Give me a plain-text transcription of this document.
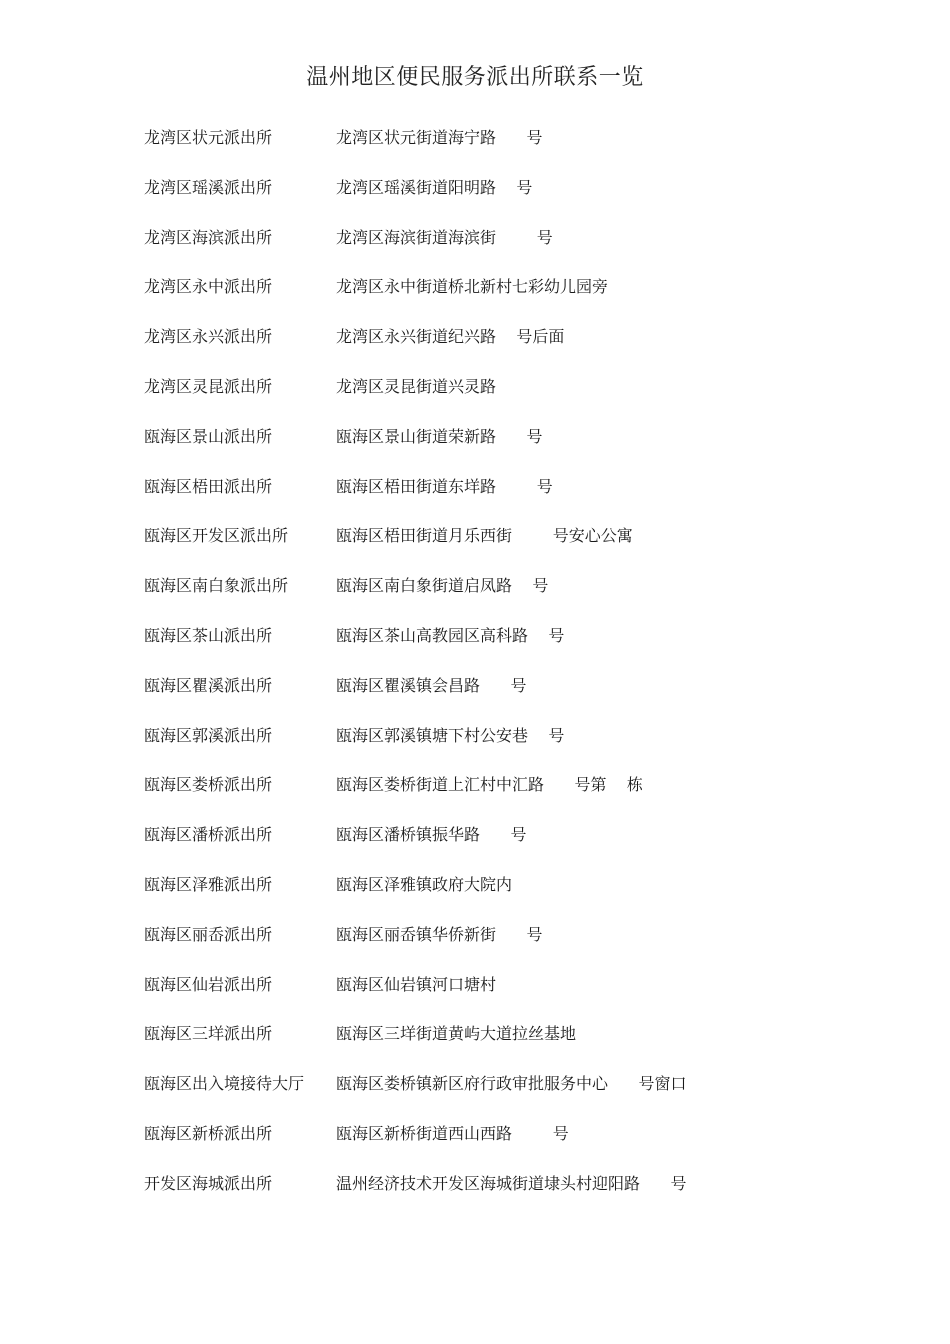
温州地区便民服务派出所联系一览
龙湾区状元派出所	龙湾区状元街道海宁路      号
龙湾区瑶溪派出所	龙湾区瑶溪街道阳明路    号
龙湾区海滨派出所	龙湾区海滨街道海滨街        号
龙湾区永中派出所	龙湾区永中街道桥北新村七彩幼儿园旁
龙湾区永兴派出所	龙湾区永兴街道纪兴路    号后面
龙湾区灵昆派出所	龙湾区灵昆街道兴灵路
瓯海区景山派出所	瓯海区景山街道荣新路      号
瓯海区梧田派出所	瓯海区梧田街道东垟路        号
瓯海区开发区派出所	瓯海区梧田街道月乐西街        号安心公寓
瓯海区南白象派出所	瓯海区南白象街道启凤路    号
瓯海区茶山派出所	瓯海区茶山高教园区高科路    号
瓯海区瞿溪派出所	瓯海区瞿溪镇会昌路      号
瓯海区郭溪派出所	瓯海区郭溪镇塘下村公安巷    号
瓯海区娄桥派出所	瓯海区娄桥街道上汇村中汇路      号第    栋
瓯海区潘桥派出所	瓯海区潘桥镇振华路      号
瓯海区泽雅派出所	瓯海区泽雅镇政府大院内
瓯海区丽岙派出所	瓯海区丽岙镇华侨新街      号
瓯海区仙岩派出所	瓯海区仙岩镇河口塘村
瓯海区三垟派出所	瓯海区三垟街道黄屿大道拉丝基地
瓯海区出入境接待大厅 瓯海区娄桥镇新区府行政审批服务中心      号窗口
瓯海区新桥派出所	瓯海区新桥街道西山西路        号
开发区海城派出所	温州经济技术开发区海城街道埭头村迎阳路      号
